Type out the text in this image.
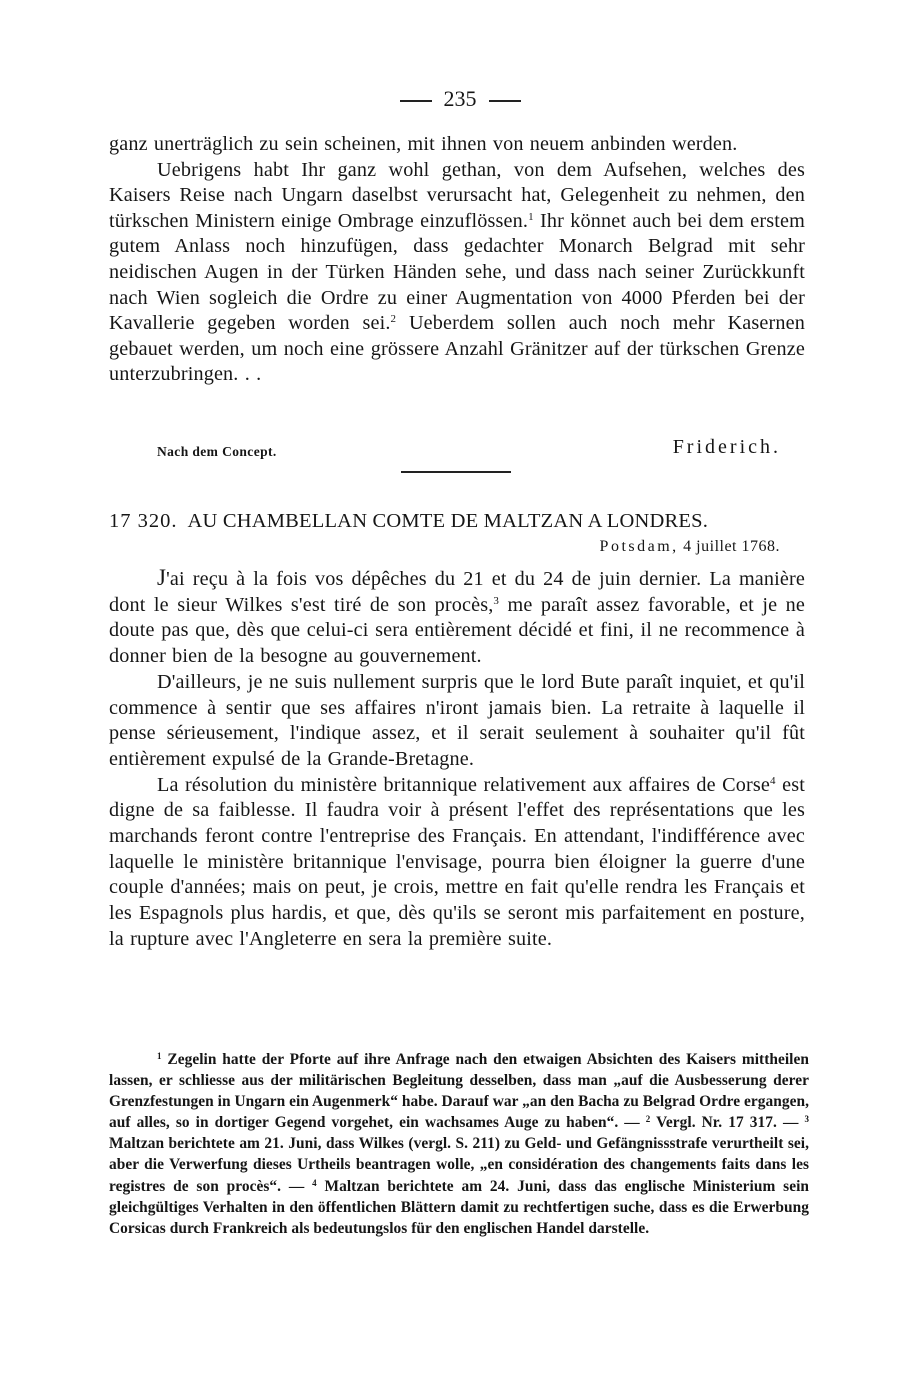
235

ganz unerträglich zu sein scheinen, mit ihnen von neuem anbinden werden.

Uebrigens habt Ihr ganz wohl gethan, von dem Aufsehen, welches des Kaisers Reise nach Ungarn daselbst verursacht hat, Gelegenheit zu nehmen, den türkschen Ministern einige Ombrage einzuflössen.$^1$ Ihr könnet auch bei dem erstem gutem Anlass noch hinzufügen, dass gedachter Monarch Belgrad mit sehr neidischen Augen in der Türken Händen sehe, und dass nach seiner Zurückkunft nach Wien sogleich die Ordre zu einer Augmentation von 4000 Pferden bei der Kavallerie gegeben worden sei.$^2$ Ueberdem sollen auch noch mehr Kasernen gebauet werden, um noch eine grössere Anzahl Gränitzer auf der türkschen Grenze unterzubringen. . .

Nach dem Concept.	Friderich.
17 320. AU CHAMBELLAN COMTE DE MALTZAN A LONDRES.
Potsdam, 4 juillet 1768.

J'ai reçu à la fois vos dépêches du 21 et du 24 de juin dernier. La manière dont le sieur Wilkes s'est tiré de son procès,$^3$ me paraît assez favorable, et je ne doute pas que, dès que celui-ci sera entièrement décidé et fini, il ne recommence à donner bien de la besogne au gouvernement.

D'ailleurs, je ne suis nullement surpris que le lord Bute paraît inquiet, et qu'il commence à sentir que ses affaires n'iront jamais bien. La retraite à laquelle il pense sérieusement, l'indique assez, et il serait seulement à souhaiter qu'il fût entièrement expulsé de la Grande-Bretagne.

La résolution du ministère britannique relativement aux affaires de Corse$^4$ est digne de sa faiblesse. Il faudra voir à présent l'effet des représentations que les marchands feront contre l'entreprise des Français. En attendant, l'indifférence avec laquelle le ministère britannique l'envisage, pourra bien éloigner la guerre d'une couple d'années; mais on peut, je crois, mettre en fait qu'elle rendra les Français et les Espagnols plus hardis, et que, dès qu'ils se seront mis parfaitement en posture, la rupture avec l'Angleterre en sera la première suite.

$^1$ Zegelin hatte der Pforte auf ihre Anfrage nach den etwaigen Absichten des Kaisers mittheilen lassen, er schliesse aus der militärischen Begleitung desselben, dass man „auf die Ausbesserung derer Grenzfestungen in Ungarn ein Augenmerk“ habe. Darauf war „an den Bacha zu Belgrad Ordre ergangen, auf alles, so in dortiger Gegend vorgehet, ein wachsames Auge zu haben“. — $^2$ Vergl. Nr. 17 317. — $^3$ Maltzan berichtete am 21. Juni, dass Wilkes (vergl. S. 211) zu Geld- und Gefängnissstrafe verurtheilt sei, aber die Verwerfung dieses Urtheils beantragen wolle, „en considération des changements faits dans les registres de son procès“. — $^4$ Maltzan berichtete am 24. Juni, dass das englische Ministerium sein gleichgültiges Verhalten in den öffentlichen Blättern damit zu rechtfertigen suche, dass es die Erwerbung Corsicas durch Frankreich als bedeutungslos für den englischen Handel darstelle.
